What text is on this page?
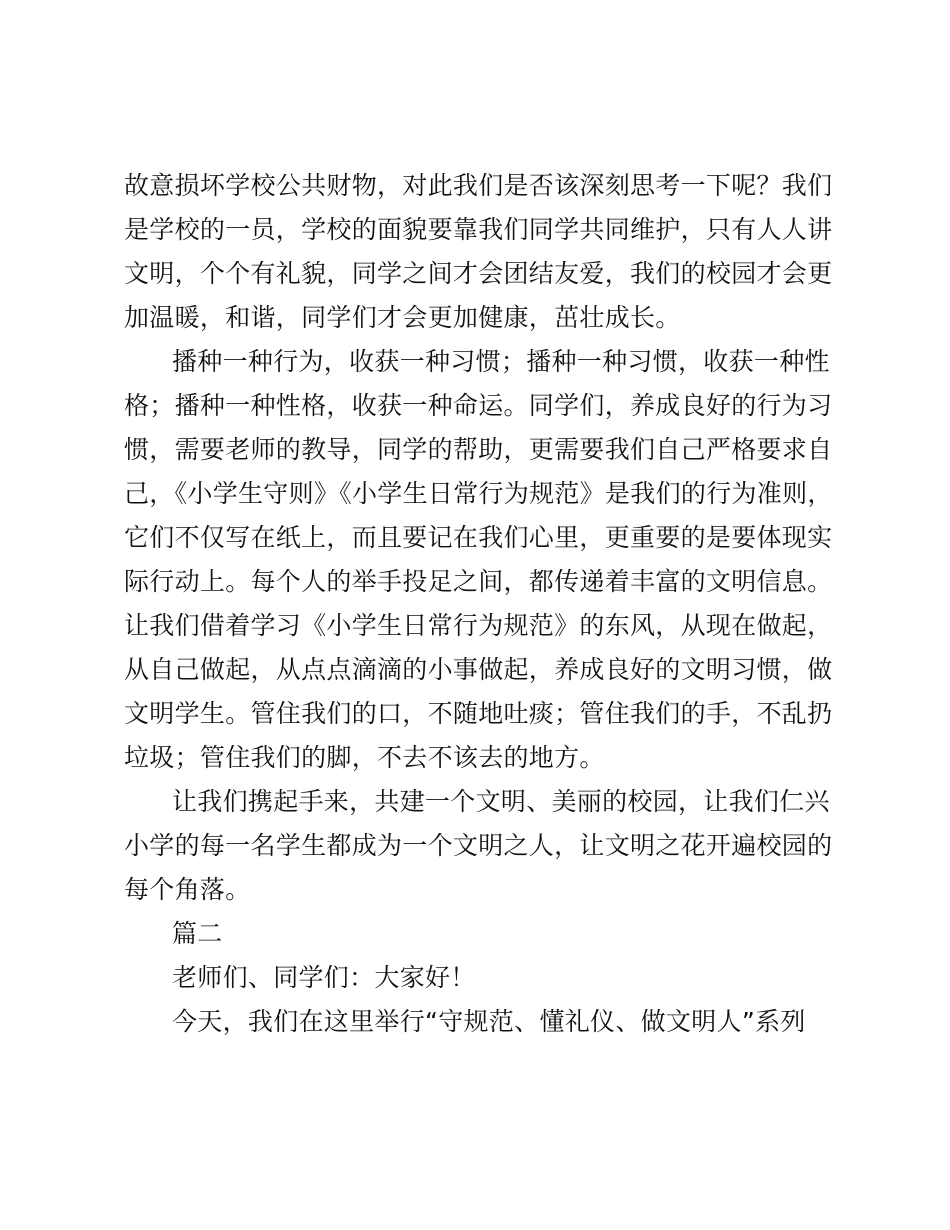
故意损坏学校公共财物，对此我们是否该深刻思考一下呢？我们
是学校的一员，学校的面貌要靠我们同学共同维护，只有人人讲
文明，个个有礼貌，同学之间才会团结友爱，我们的校园才会更
加温暖，和谐，同学们才会更加健康，茁壮成长。
播种一种行为，收获一种习惯；播种一种习惯，收获一种性
格；播种一种性格，收获一种命运。同学们，养成良好的行为习
惯，需要老师的教导，同学的帮助，更需要我们自己严格要求自
己，《小学生守则》《小学生日常行为规范》是我们的行为准则，
它们不仅写在纸上，而且要记在我们心里，更重要的是要体现实
际行动上。每个人的举手投足之间，都传递着丰富的文明信息。
让我们借着学习《小学生日常行为规范》的东风，从现在做起，
从自己做起，从点点滴滴的小事做起，养成良好的文明习惯，做
文明学生。管住我们的口，不随地吐痰；管住我们的手，不乱扔
垃圾；管住我们的脚，不去不该去的地方。
让我们携起手来，共建一个文明、美丽的校园，让我们仁兴
小学的每一名学生都成为一个文明之人，让文明之花开遍校园的
每个角落。
篇二
老师们、同学们：大家好！
今天，我们在这里举行“守规范、懂礼仪、做文明人”系列
